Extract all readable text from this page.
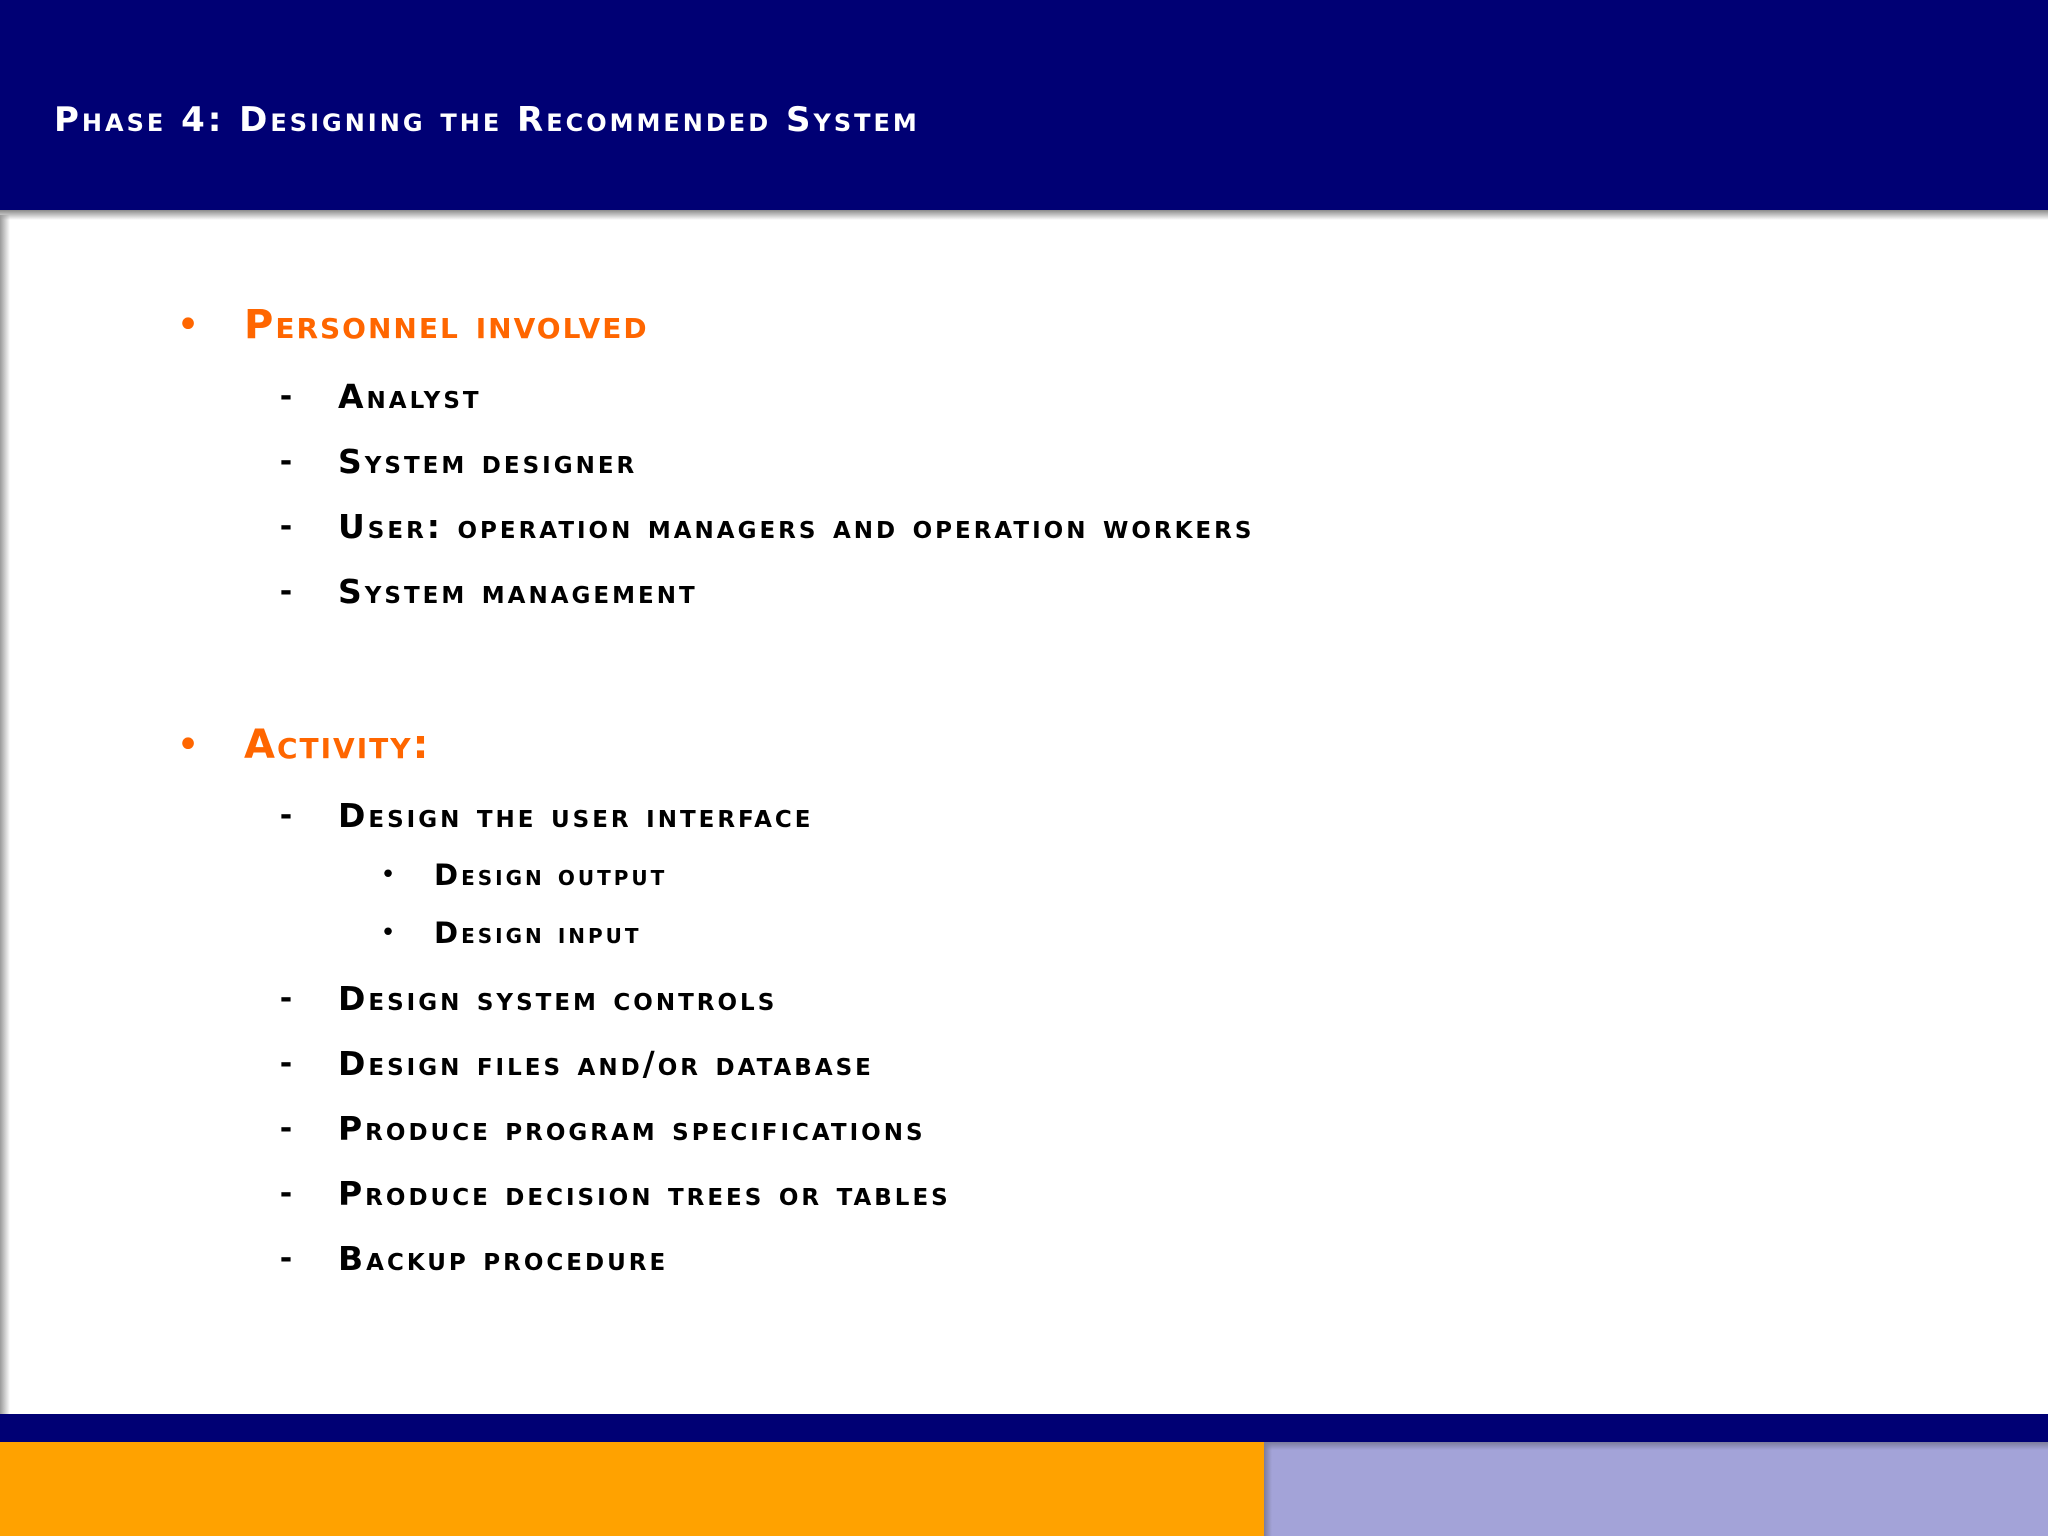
Phase 4: Designing the Recommended System
• Personnel involved
- Analyst
- System designer
- User: operation managers and operation workers
- System management
• Activity:
- Design the user interface
• Design output
• Design input
- Design system controls
- Design files and/or database
- Produce program specifications
- Produce decision trees or tables
- Backup procedure
